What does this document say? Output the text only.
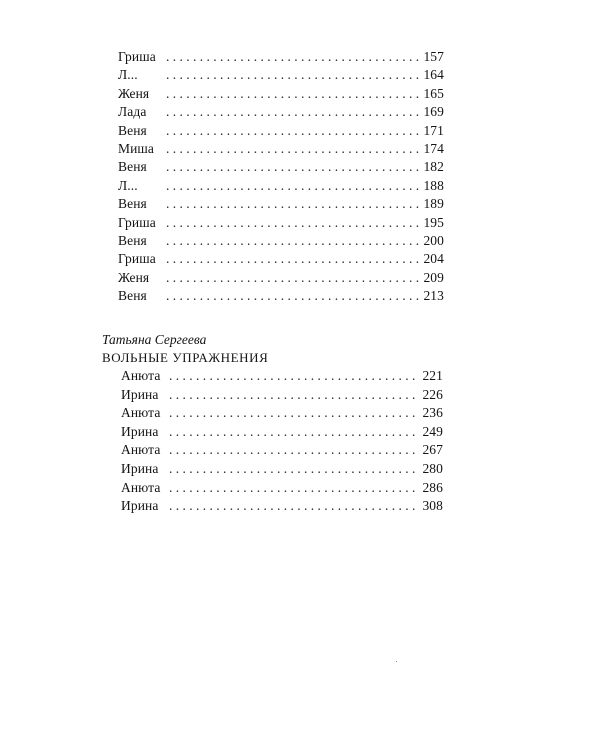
Гриша . . .	157
Л... . . .	164
Женя . . .	165
Лада . . .	169
Веня . . .	171
Миша . . .	174
Веня . . .	182
Л... . . .	188
Веня . . .	189
Гриша . . .	195
Веня . . .	200
Гриша . . .	204
Женя . . .	209
Веня . . .	213
Татьяна Сергеева
ВОЛЬНЫЕ УПРАЖНЕНИЯ
Анюта . . .	221
Ирина . . .	226
Анюта . . .	236
Ирина . . .	249
Анюта . . .	267
Ирина . . .	280
Анюта . . .	286
Ирина . . .	308
